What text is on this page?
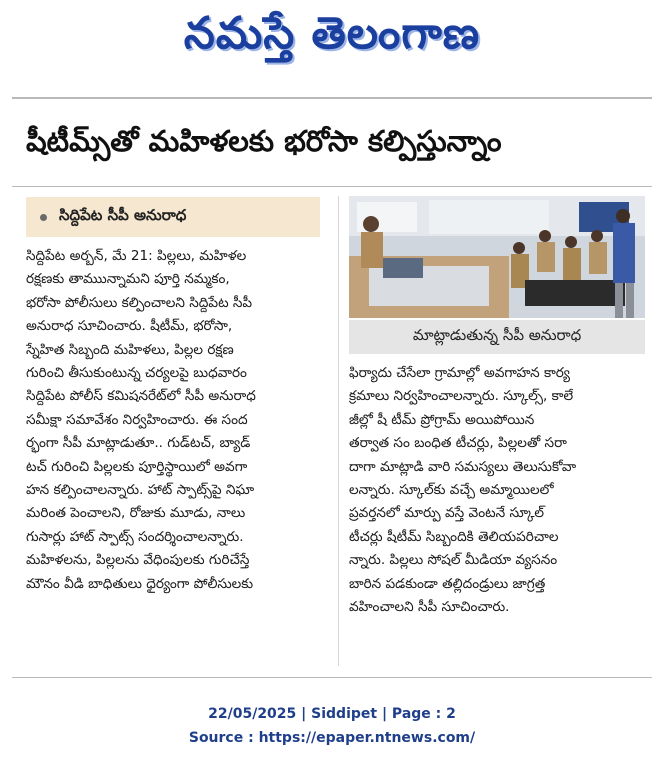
నమస్తే తెలంగాణ
షీటీమ్స్‌తో మహిళలకు భరోసా కల్పిస్తున్నాం
సిద్దిపేట సీపీ అనురాధ

సిద్దిపేట అర్బన్, మే 21: పిల్లలు, మహిళల

రక్షణకు తాముున్నామని పూర్తి నమ్మకం,

భరోసా పోలీసులు కల్పించాలని సిద్దిపేట సీపీ

అనురాధ సూచించారు. షీటీమ్, భరోసా,

స్నేహిత సిబ్బంది మహిళలు, పిల్లల రక్షణ

గురించి తీసుకుంటున్న చర్యలపై బుధవారం

సిద్దిపేట పోలీస్ కమిషనరేట్‌లో సీపీ అనురాధ

సమీక్షా సమావేశం నిర్వహించారు. ఈ సంద

ర్భంగా సీపీ మాట్లాడుతూ.. గుడ్‌టచ్, బ్యాడ్

టచ్ గురించి పిల్లలకు పూర్తిస్థాయిలో అవగా

హన కల్పించాలన్నారు. హాట్ స్పాట్స్‌పై నిఘా

మరింత పెంచాలని, రోజుకు మూడు, నాలు

గుసార్లు హాట్ స్పాట్స్ సందర్శించాలన్నారు.

మహిళలను, పిల్లలను వేధింపులకు గురిచేస్తే

మౌనం వీడి బాధితులు ధైర్యంగా పోలీసులకు

మాట్లాడుతున్న సీపీ అనురాధ

ఫిర్యాదు చేసేలా గ్రామాల్లో అవగాహన కార్య

క్రమాలు నిర్వహించాలన్నారు. స్కూల్స్, కాలే

జీల్లో షీ టీమ్ ప్రోగ్రామ్ అయిపోయిన

తర్వాత సం బంధిత టీచర్లు, పిల్లలతో సరా

దాగా మాట్లాడి వారి సమస్యలు తెలుసుకోవా

లన్నారు. స్కూల్‌కు వచ్చే అమ్మాయిలలో

ప్రవర్తనలో మార్పు వస్తే వెంటనే స్కూల్

టీచర్లు షీటీమ్ సిబ్బందికి తెలియపరిచాల

న్నారు. పిల్లలు సోషల్ మీడియా వ్యసనం

బారిన పడకుండా తల్లిదండ్రులు జాగ్రత్త

వహించాలని సీపీ సూచించారు.

22/05/2025 | Siddipet | Page : 2
Source : https://epaper.ntnews.com/
